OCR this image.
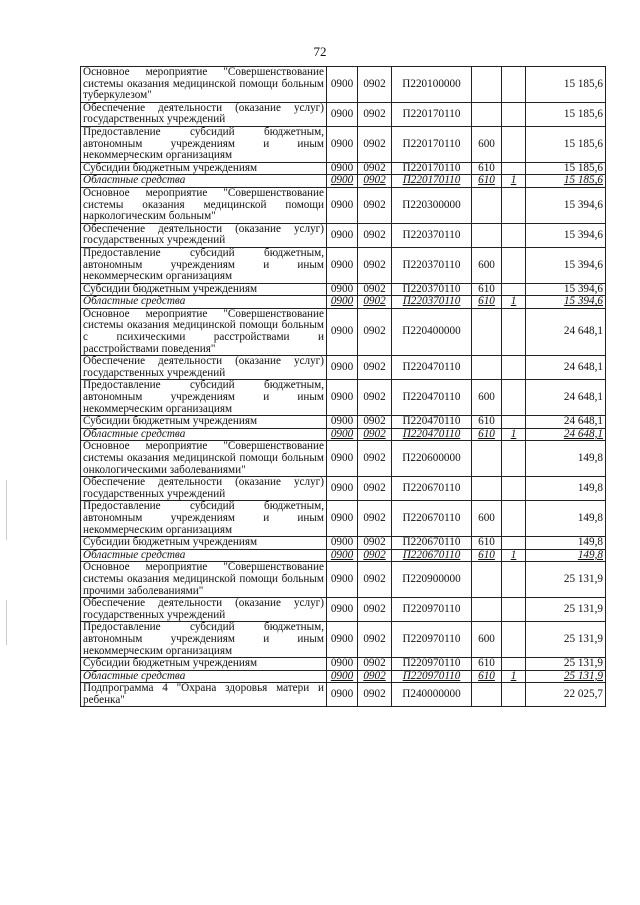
72
Основное мероприятие "Совершенствование системы оказания медицинской помощи больным туберкулезом"	0900	0902	П220100000			15 185,6
Обеспечение деятельности (оказание услуг) государственных учреждений	0900	0902	П220170110			15 185,6
Предоставление субсидий бюджетным, автономным учреждениям и иным некоммерческим организациям	0900	0902	П220170110	600		15 185,6
Субсидии бюджетным учреждениям	0900	0902	П220170110	610		15 185,6
Областные средства	0900	0902	П220170110	610	1	15 185,6
Основное мероприятие "Совершенствование системы оказания медицинской помощи наркологическим больным"	0900	0902	П220300000			15 394,6
Обеспечение деятельности (оказание услуг) государственных учреждений	0900	0902	П220370110			15 394,6
Предоставление субсидий бюджетным, автономным учреждениям и иным некоммерческим организациям	0900	0902	П220370110	600		15 394,6
Субсидии бюджетным учреждениям	0900	0902	П220370110	610		15 394,6
Областные средства	0900	0902	П220370110	610	1	15 394,6
Основное мероприятие "Совершенствование системы оказания медицинской помощи больным с психическими расстройствами и расстройствами поведения"	0900	0902	П220400000			24 648,1
Обеспечение деятельности (оказание услуг) государственных учреждений	0900	0902	П220470110			24 648,1
Предоставление субсидий бюджетным, автономным учреждениям и иным некоммерческим организациям	0900	0902	П220470110	600		24 648,1
Субсидии бюджетным учреждениям	0900	0902	П220470110	610		24 648,1
Областные средства	0900	0902	П220470110	610	1	24 648,1
Основное мероприятие "Совершенствование системы оказания медицинской помощи больным онкологическими заболеваниями"	0900	0902	П220600000			149,8
Обеспечение деятельности (оказание услуг) государственных учреждений	0900	0902	П220670110			149,8
Предоставление субсидий бюджетным, автономным учреждениям и иным некоммерческим организациям	0900	0902	П220670110	600		149,8
Субсидии бюджетным учреждениям	0900	0902	П220670110	610		149,8
Областные средства	0900	0902	П220670110	610	1	149,8
Основное мероприятие "Совершенствование системы оказания медицинской помощи больным прочими заболеваниями"	0900	0902	П220900000			25 131,9
Обеспечение деятельности (оказание услуг) государственных учреждений	0900	0902	П220970110			25 131,9
Предоставление субсидий бюджетным, автономным учреждениям и иным некоммерческим организациям	0900	0902	П220970110	600		25 131,9
Субсидии бюджетным учреждениям	0900	0902	П220970110	610		25 131,9
Областные средства	0900	0902	П220970110	610	1	25 131,9
Подпрограмма 4 "Охрана здоровья матери и ребенка"	0900	0902	П240000000			22 025,7
